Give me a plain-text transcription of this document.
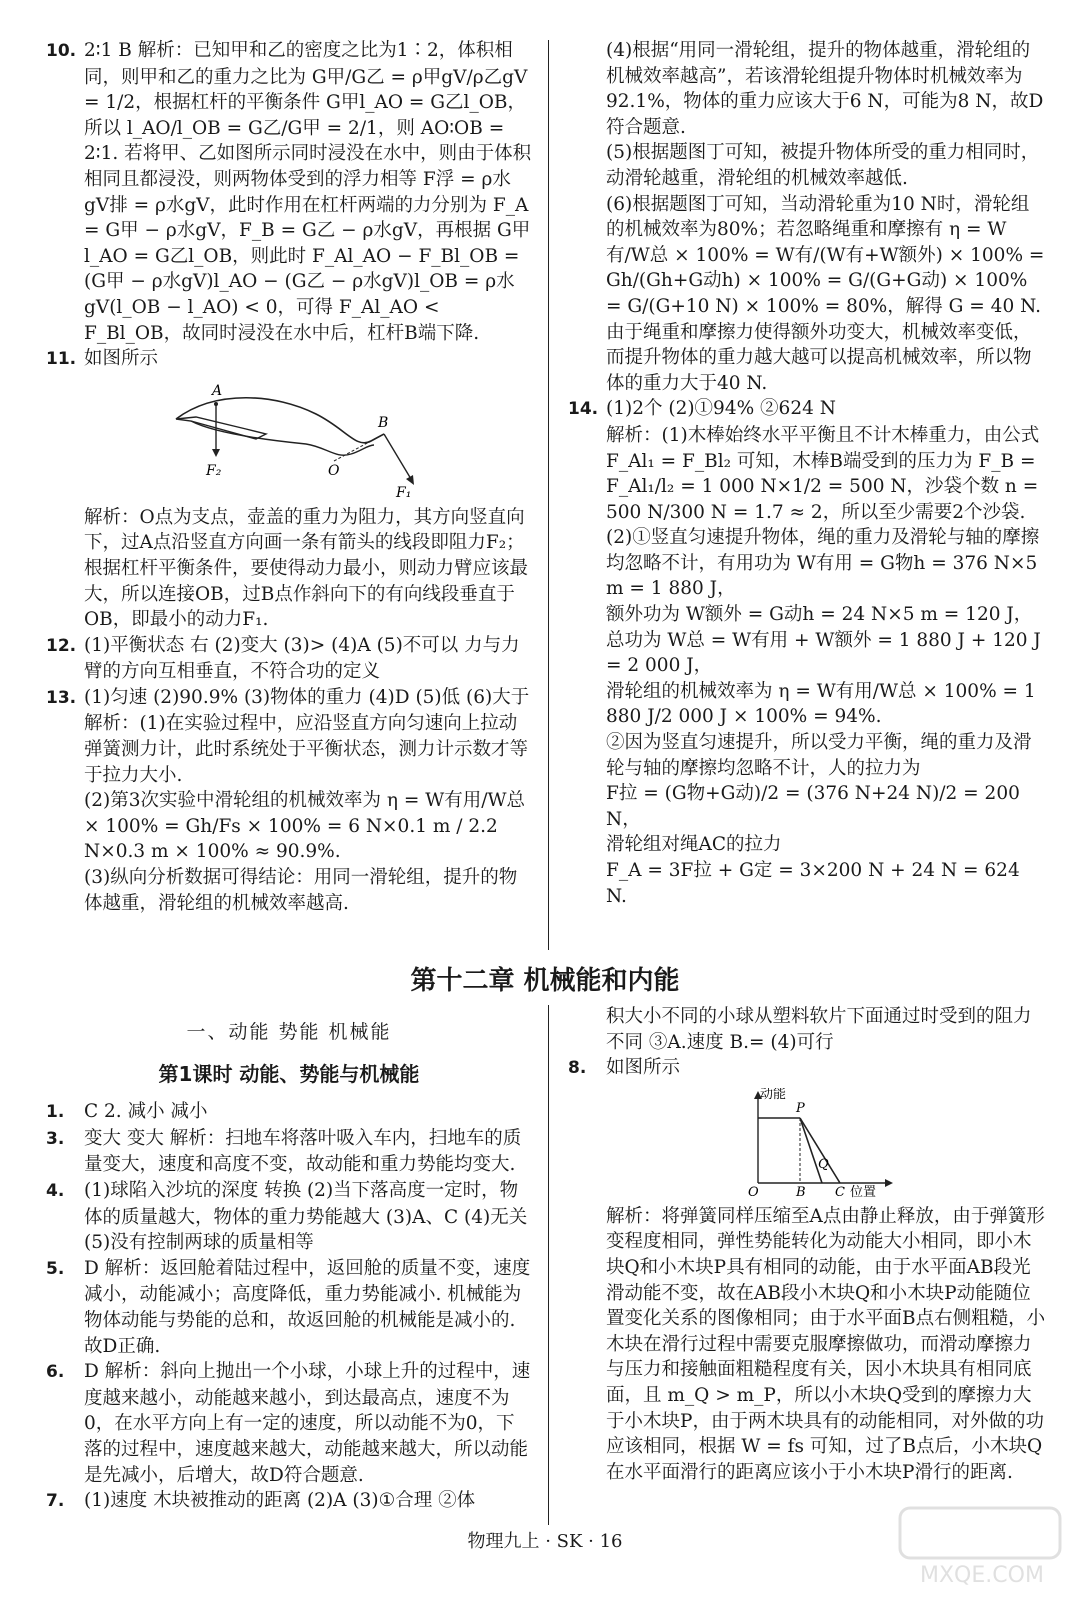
10. 2∶1 B 解析：已知甲和乙的密度之比为1∶2，体积相同，则甲和乙的重力之比为 G甲/G乙 = ρ甲gV/ρ乙gV = 1/2，根据杠杆的平衡条件 G甲l_AO = G乙l_OB，所以 l_AO/l_OB = G乙/G甲 = 2/1，则 AO∶OB = 2∶1. 若将甲、乙如图所示同时浸没在水中，则由于体积相同且都浸没，则两物体受到的浮力相等 F浮 = ρ水gV排 = ρ水gV，此时作用在杠杆两端的力分别为 F_A = G甲 − ρ水gV，F_B = G乙 − ρ水gV，再根据 G甲l_AO = G乙l_OB，则此时 F_Al_AO − F_Bl_OB = (G甲 − ρ水gV)l_AO − (G乙 − ρ水gV)l_OB = ρ水gV(l_OB − l_AO) < 0，可得 F_Al_AO < F_Bl_OB，故同时浸没在水中后，杠杆B端下降.

11. 如图所示

A
B
O
F₂
F₁

解析：O点为支点，壶盖的重力为阻力，其方向竖直向下，过A点沿竖直方向画一条有箭头的线段即阻力F₂；根据杠杆平衡条件，要使得动力最小，则动力臂应该最大，所以连接OB，过B点作斜向下的有向线段垂直于OB，即最小的动力F₁.

12. (1)平衡状态 右 (2)变大 (3)> (4)A (5)不可以 力与力臂的方向互相垂直，不符合功的定义

13. (1)匀速 (2)90.9% (3)物体的重力 (4)D (5)低 (6)大于

解析：(1)在实验过程中，应沿竖直方向匀速向上拉动弹簧测力计，此时系统处于平衡状态，测力计示数才等于拉力大小.

(2)第3次实验中滑轮组的机械效率为 η = W有用/W总 × 100% = Gh/Fs × 100% = 6 N×0.1 m / 2.2 N×0.3 m × 100% ≈ 90.9%.

(3)纵向分析数据可得结论：用同一滑轮组，提升的物体越重，滑轮组的机械效率越高.

(4)根据“用同一滑轮组，提升的物体越重，滑轮组的机械效率越高”，若该滑轮组提升物体时机械效率为92.1%，物体的重力应该大于6 N，可能为8 N，故D符合题意.

(5)根据题图丁可知，被提升物体所受的重力相同时，动滑轮越重，滑轮组的机械效率越低.

(6)根据题图丁可知，当动滑轮重为10 N时，滑轮组的机械效率为80%；若忽略绳重和摩擦有 η = W有/W总 × 100% = W有/(W有+W额外) × 100% = Gh/(Gh+G动h) × 100% = G/(G+G动) × 100% = G/(G+10 N) × 100% = 80%，解得 G = 40 N. 由于绳重和摩擦力使得额外功变大，机械效率变低，而提升物体的重力越大越可以提高机械效率，所以物体的重力大于40 N.

14. (1)2个 (2)①94% ②624 N

解析：(1)木棒始终水平平衡且不计木棒重力，由公式 F_Al₁ = F_Bl₂ 可知，木棒B端受到的压力为 F_B = F_Al₁/l₂ = 1 000 N×1/2 = 500 N，沙袋个数 n = 500 N/300 N = 1.7 ≈ 2，所以至少需要2个沙袋.

(2)①竖直匀速提升物体，绳的重力及滑轮与轴的摩擦均忽略不计，有用功为 W有用 = G物h = 376 N×5 m = 1 880 J，

额外功为 W额外 = G动h = 24 N×5 m = 120 J，

总功为 W总 = W有用 + W额外 = 1 880 J + 120 J = 2 000 J，

滑轮组的机械效率为 η = W有用/W总 × 100% = 1 880 J/2 000 J × 100% = 94%.

②因为竖直匀速提升，所以受力平衡，绳的重力及滑轮与轴的摩擦均忽略不计，人的拉力为

F拉 = (G物+G动)/2 = (376 N+24 N)/2 = 200 N，

滑轮组对绳AC的拉力

F_A = 3F拉 + G定 = 3×200 N + 24 N = 624 N.

第十二章 机械能和内能
一、动能 势能 机械能
第1课时 动能、势能与机械能

1. C 2. 减小 减小

3. 变大 变大 解析：扫地车将落叶吸入车内，扫地车的质量变大，速度和高度不变，故动能和重力势能均变大.

4. (1)球陷入沙坑的深度 转换 (2)当下落高度一定时，物体的质量越大，物体的重力势能越大 (3)A、C (4)无关 (5)没有控制两球的质量相等

5. D 解析：返回舱着陆过程中，返回舱的质量不变，速度减小，动能减小；高度降低，重力势能减小. 机械能为物体动能与势能的总和，故返回舱的机械能是减小的. 故D正确.

6. D 解析：斜向上抛出一个小球，小球上升的过程中，速度越来越小，动能越来越小，到达最高点，速度不为0，在水平方向上有一定的速度，所以动能不为0，下落的过程中，速度越来越大，动能越来越大，所以动能是先减小，后增大，故D符合题意.

7. (1)速度 木块被推动的距离 (2)A (3)①合理 ②体

积大小不同的小球从塑料软片下面通过时受到的阻力不同 ③A.速度 B.= (4)可行

8. 如图所示

动能
位置
O	B C
P
Q

解析：将弹簧同样压缩至A点由静止释放，由于弹簧形变程度相同，弹性势能转化为动能大小相同，即小木块Q和小木块P具有相同的动能，由于水平面AB段光滑动能不变，故在AB段小木块Q和小木块P动能随位置变化关系的图像相同；由于水平面B点右侧粗糙，小木块在滑行过程中需要克服摩擦做功，而滑动摩擦力与压力和接触面粗糙程度有关，因小木块具有相同底面，且 m_Q > m_P，所以小木块Q受到的摩擦力大于小木块P，由于两木块具有的动能相同，对外做的功应该相同，根据 W = fs 可知，过了B点后，小木块Q在水平面滑行的距离应该小于小木块P滑行的距离.

物理九上 · SK · 16
MXQE.COM
